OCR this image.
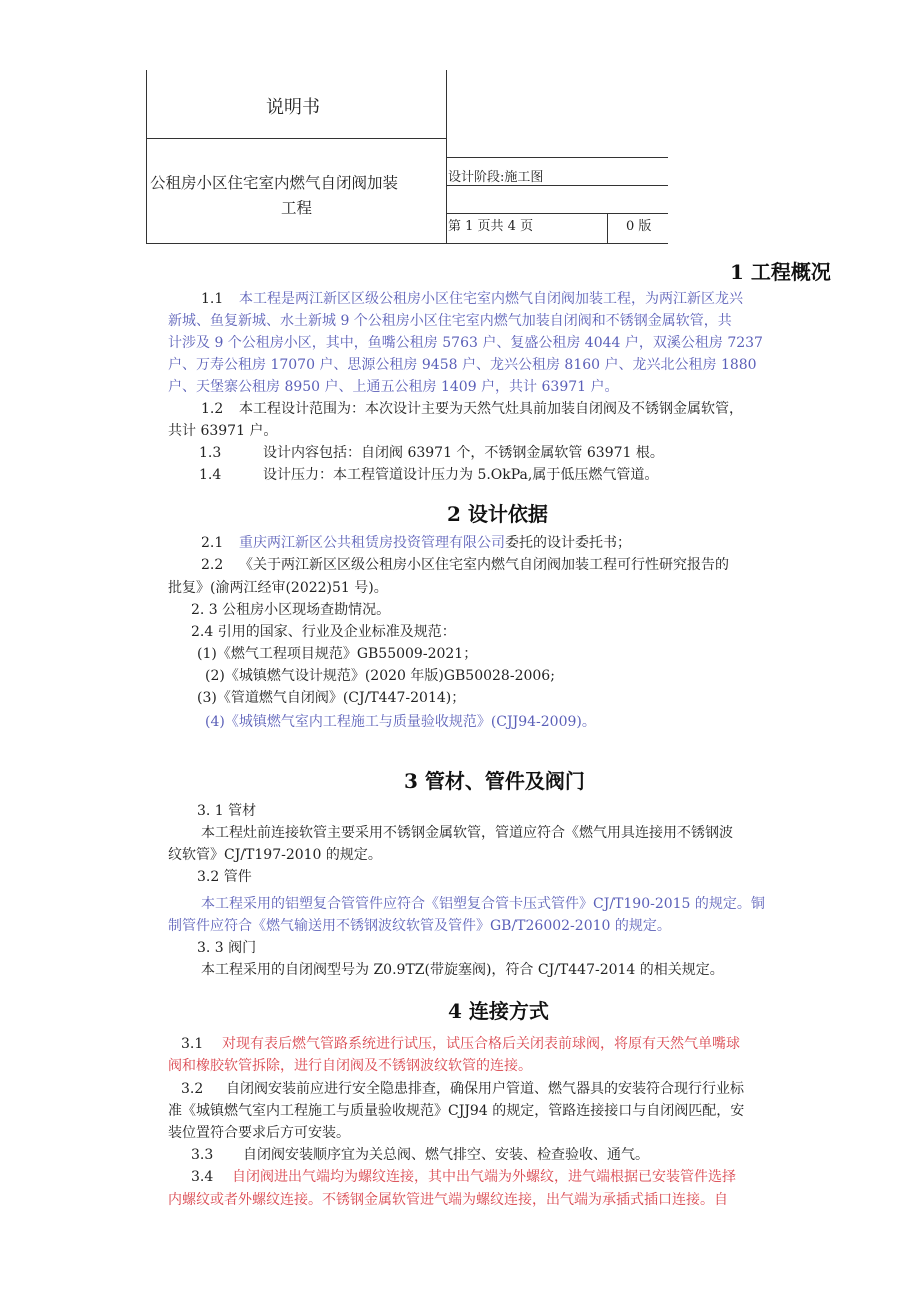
说明书
公租房小区住宅室内燃气自闭阀加装
工程
设计阶段:施工图
第 1 页共 4 页	0 版
1 工程概况
1.1 本工程是两江新区区级公租房小区住宅室内燃气自闭阀加装工程，为两江新区龙兴
新城、鱼复新城、水土新城 9 个公租房小区住宅室内燃气加装自闭阀和不锈钢金属软管，共
计涉及 9 个公租房小区，其中，鱼嘴公租房 5763 户、复盛公租房 4044 户，双溪公租房 7237
户、万寿公租房 17070 户、思源公租房 9458 户、龙兴公租房 8160 户、龙兴北公租房 1880
户、天堡寨公租房 8950 户、上通五公租房 1409 户，共计 63971 户。
1.2 本工程设计范围为：本次设计主要为天然气灶具前加装自闭阀及不锈钢金属软管，
共计 63971 户。
1.3	设计内容包括：自闭阀 63971 个，不锈钢金属软管 63971 根。
1.4	设计压力：本工程管道设计压力为 5.OkPa,属于低压燃气管道。
2 设计依据
2.1 重庆两江新区公共租赁房投资管理有限公司委托的设计委托书；
2.2 《关于两江新区区级公租房小区住宅室内燃气自闭阀加装工程可行性研究报告的
批复》(渝两江经审(2022)51 号)。
2. 3 公租房小区现场查勘情况。
2.4 引用的国家、行业及企业标准及规范：
(1)《燃气工程项目规范》GB55009-2021；
(2)《城镇燃气设计规范》(2020 年版)GB50028-2006;
(3)《管道燃气自闭阀》(CJ/T447-2014)；
(4)《城镇燃气室内工程施工与质量验收规范》(CJJ94-2009)。
3 管材、管件及阀门
3. 1 管材
本工程灶前连接软管主要采用不锈钢金属软管，管道应符合《燃气用具连接用不锈钢波
纹软管》CJ/T197-2010 的规定。
3.2 管件
本工程采用的铝塑复合管管件应符合《铝塑复合管卡压式管件》CJ/T190-2015 的规定。铜
制管件应符合《燃气输送用不锈钢波纹软管及管件》GB/T26002-2010 的规定。
3. 3 阀门
本工程采用的自闭阀型号为 Z0.9TZ(带旋塞阀)，符合 CJ/T447-2014 的相关规定。
4 连接方式
3.1 对现有表后燃气管路系统进行试压，试压合格后关闭表前球阀，将原有天然气单嘴球
阀和橡胶软管拆除，进行自闭阀及不锈钢波纹软管的连接。
3.2 自闭阀安装前应进行安全隐患排查，确保用户管道、燃气器具的安装符合现行行业标
准《城镇燃气室内工程施工与质量验收规范》CJJ94 的规定，管路连接接口与自闭阀匹配，安
装位置符合要求后方可安装。
3.3 自闭阀安装顺序宜为关总阀、燃气排空、安装、检查验收、通气。
3.4 自闭阀进出气端均为螺纹连接，其中出气端为外螺纹，进气端根据已安装管件选择
内螺纹或者外螺纹连接。不锈钢金属软管进气端为螺纹连接，出气端为承插式插口连接。自
